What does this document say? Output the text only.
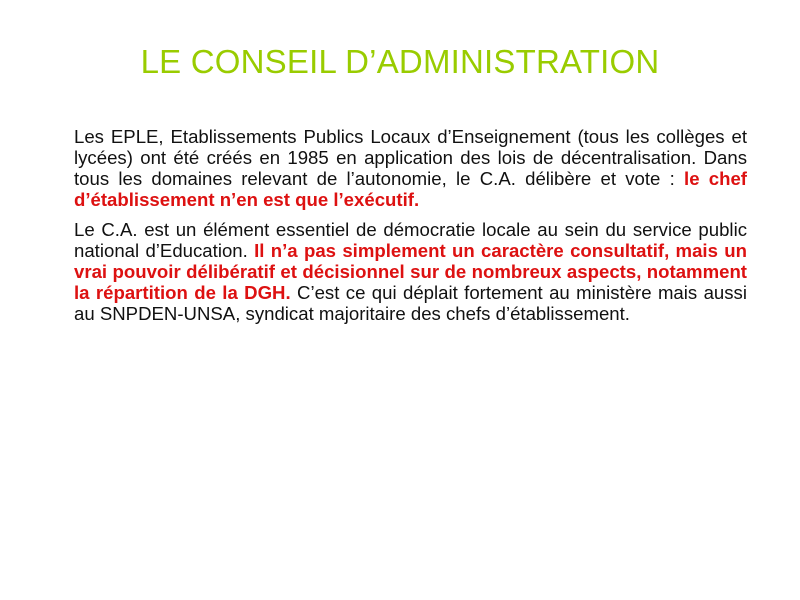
LE CONSEIL D’ADMINISTRATION

Les EPLE, Etablissements Publics Locaux d’Enseignement (tous les collèges et lycées) ont été créés en 1985 en application des lois de décentralisation. Dans tous les domaines relevant de l’autonomie, le C.A. délibère et vote : le chef d’établissement n’en est que l’exécutif.

Le C.A. est un élément essentiel de démocratie locale au sein du service public national d’Education. Il n’a pas simplement un caractère consultatif, mais un vrai pouvoir délibératif et décisionnel sur de nombreux aspects, notamment la répartition de la DGH. C’est ce qui déplait fortement au ministère mais aussi au SNPDEN-UNSA, syndicat majoritaire des chefs d’établissement.
